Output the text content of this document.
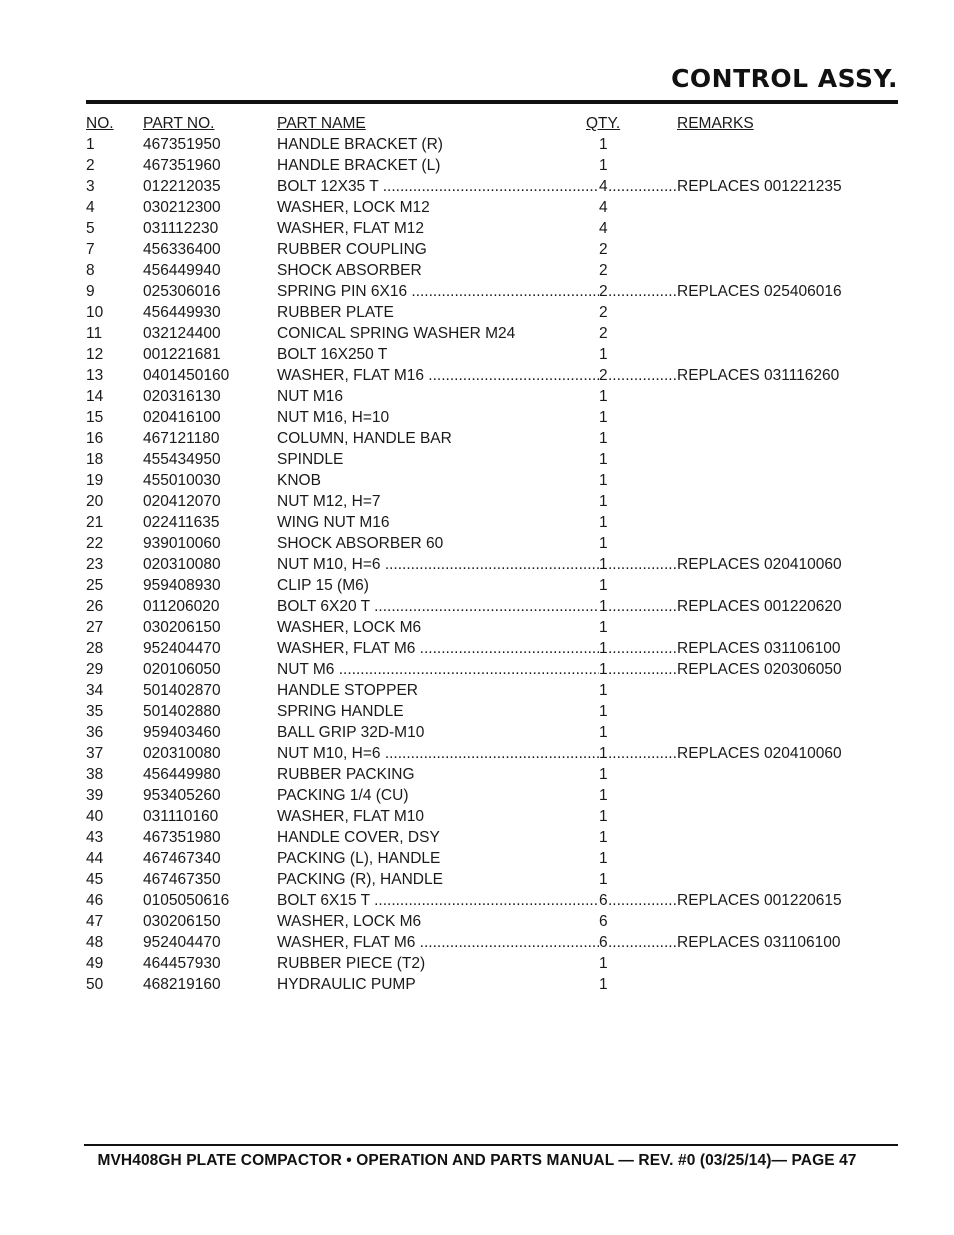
CONTROL ASSY.
NO. PART NO.	PART NAME	QTY.	REMARKS
1	467351950	HANDLE BRACKET (R)	1
2	467351960	HANDLE BRACKET (L)	1
3	012212035	BOLT 12X35 T .....	4	REPLACES 001221235
.....
4	030212300	WASHER, LOCK M12	4
5	031112230	WASHER, FLAT M12	4
7	456336400	RUBBER COUPLING	2
8	456449940	SHOCK ABSORBER	2
9	025306016	SPRING PIN 6X16 .....	2	REPLACES 025406016
.....
10	456449930	RUBBER PLATE	2
11	032124400	CONICAL SPRING WASHER M24	2
12	001221681	BOLT 16X250 T	1
13	0401450160	WASHER, FLAT M16 .....	2	REPLACES 031116260
.....
14	020316130	NUT M16	1
15	020416100	NUT M16, H=10	1
16	467121180	COLUMN, HANDLE BAR	1
18	455434950	SPINDLE	1
19	455010030	KNOB	1
20	020412070	NUT M12, H=7	1
21	022411635	WING NUT M16	1
22	939010060	SHOCK ABSORBER 60	1
23	020310080	NUT M10, H=6 .....	1	REPLACES 020410060
.....
25	959408930	CLIP 15 (M6)	1
26	011206020	BOLT 6X20 T .....	1	REPLACES 001220620
.....
27	030206150	WASHER, LOCK M6	1
28	952404470	WASHER, FLAT M6 .....	1	REPLACES 031106100
.....
29	020106050	NUT M6 .....	1	REPLACES 020306050
.....
34	501402870	HANDLE STOPPER	1
35	501402880	SPRING HANDLE	1
36	959403460	BALL GRIP 32D-M10	1
37	020310080	NUT M10, H=6 .....	1	REPLACES 020410060
.....
38	456449980	RUBBER PACKING	1
39	953405260	PACKING 1/4 (CU)	1
40	031110160	WASHER, FLAT M10	1
43	467351980	HANDLE COVER, DSY	1
44	467467340	PACKING (L), HANDLE	1
45	467467350	PACKING (R), HANDLE	1
46	0105050616	BOLT 6X15 T .....	6	REPLACES 001220615
.....
47	030206150	WASHER, LOCK M6	6
48	952404470	WASHER, FLAT M6 .....	6	REPLACES 031106100
.....
49	464457930	RUBBER PIECE (T2)	1
50	468219160	HYDRAULIC PUMP	1
MVH408GH PLATE COMPACTOR • OPERATION AND PARTS MANUAL — REV. #0 (03/25/14)— PAGE 47
